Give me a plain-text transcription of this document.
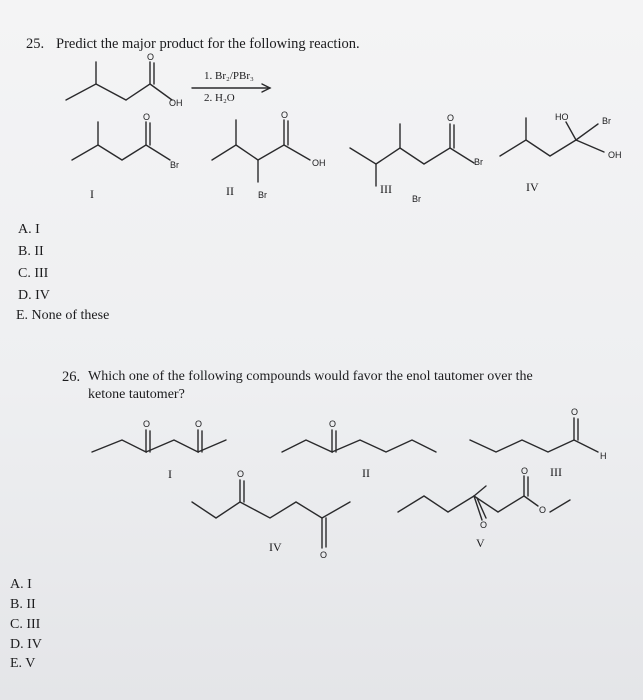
25. Predict the major product for the following reaction.
O
OH
1. Br₂/PBr₃
2. H₂O
O
Br
O
OH
Br
O
Br
Br
HO	Br
OH
I	II	III	IV
A. I
B. II
C. III
D. IV
E. None of these
26. Which one of the following compounds would favor the enol tautomer over the
ketone tautomer?
O	O	O
O
H
O
O
O
O
O
I	II	III
IV	V
A. I
B. II
C. III
D. IV
E. V
